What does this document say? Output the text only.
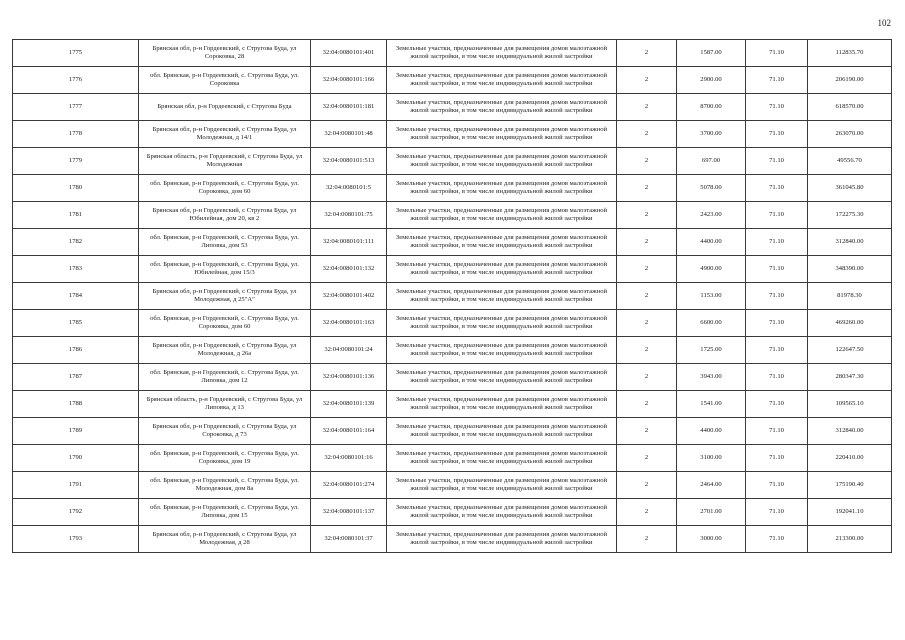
102
1775	Брянская обл, р-н Гордеевский, с Струговa Буда, ул Сороковка, 28	32:04:0080101:401	Земельные участки, предназначенные для размещения домов малоэтажной жилой застройки, в том числе индивидуальной жилой застройки	2	1587.00	71.10	112835.70
1776	обл. Брянская, р-н Гордеевский, с. Струговa Буда, ул. Сороковка	32:04:0080101:166	Земельные участки, предназначенные для размещения домов малоэтажной жилой застройки, в том числе индивидуальной жилой застройки	2	2900.00	71.10	206190.00
1777	Брянская обл, р-н Гордеевский, с Струговa Буда	32:04:0080101:181	Земельные участки, предназначенные для размещения домов малоэтажной жилой застройки, в том числе индивидуальной жилой застройки	2	8700.00	71.10	618570.00
1778	Брянская обл, р-н Гордеевский, с Струговa Буда, ул Молодежная, д 14/1	32:04:0080101:48	Земельные участки, предназначенные для размещения домов малоэтажной жилой застройки, в том числе индивидуальной жилой застройки	2	3700.00	71.10	263070.00
1779	Брянская область, р-н Гордеевский, с Струговa Буда, ул Молодежная	32:04:0080101:513	Земельные участки, предназначенные для размещения домов малоэтажной жилой застройки, в том числе индивидуальной жилой застройки	2	697.00	71.10	49556.70
1780	обл. Брянская, р-н Гордеевский, с. Струговa Буда, ул. Сороковка, дом 60	32:04:0080101:5	Земельные участки, предназначенные для размещения домов малоэтажной жилой застройки, в том числе индивидуальной жилой застройки	2	5078.00	71.10	361045.80
1781	Брянская обл, р-н Гордеевский, с Струговa Буда, ул Юбилейная, дом 20, кв 2	32:04:0080101:75	Земельные участки, предназначенные для размещения домов малоэтажной жилой застройки, в том числе индивидуальной жилой застройки	2	2423.00	71.10	172275.30
1782	обл. Брянская, р-н Гордеевский, с. Струговa Буда, ул. Липовка, дом 53	32:04:0080101:111	Земельные участки, предназначенные для размещения домов малоэтажной жилой застройки, в том числе индивидуальной жилой застройки	2	4400.00	71.10	312840.00
1783	обл. Брянская, р-н Гордеевский, с. Струговa Буда, ул. Юбилейная, дом 15/3	32:04:0080101:132	Земельные участки, предназначенные для размещения домов малоэтажной жилой застройки, в том числе индивидуальной жилой застройки	2	4900.00	71.10	348390.00
1784	Брянская обл, р-н Гордеевский, с Струговa Буда, ул Молодежная, д 25"А"	32:04:0080101:402	Земельные участки, предназначенные для размещения домов малоэтажной жилой застройки, в том числе индивидуальной жилой застройки	2	1153.00	71.10	81978.30
1785	обл. Брянская, р-н Гордеевский, с. Струговa Буда, ул. Сороковка, дом 60	32:04:0080101:163	Земельные участки, предназначенные для размещения домов малоэтажной жилой застройки, в том числе индивидуальной жилой застройки	2	6600.00	71.10	469260.00
1786	Брянская обл, р-н Гордеевский, с Струговa Буда, ул Молодежная, д 26а	32:04:0080101:24	Земельные участки, предназначенные для размещения домов малоэтажной жилой застройки, в том числе индивидуальной жилой застройки	2	1725.00	71.10	122647.50
1787	обл. Брянская, р-н Гордеевский, с. Струговa Буда, ул. Липовка, дом 12	32:04:0080101:136	Земельные участки, предназначенные для размещения домов малоэтажной жилой застройки, в том числе индивидуальной жилой застройки	2	3943.00	71.10	280347.30
1788	Брянская область, р-н Гордеевский, с Струговa Буда, ул Липовка, д 13	32:04:0080101:139	Земельные участки, предназначенные для размещения домов малоэтажной жилой застройки, в том числе индивидуальной жилой застройки	2	1541.00	71.10	109565.10
1789	Брянская обл, р-н Гордеевский, с Струговa Буда, ул Сороковка, д 73	32:04:0080101:164	Земельные участки, предназначенные для размещения домов малоэтажной жилой застройки, в том числе индивидуальной жилой застройки	2	4400.00	71.10	312840.00
1790	обл. Брянская, р-н Гордеевский, с. Струговa Буда, ул. Сороковка, дом 19	32:04:0080101:16	Земельные участки, предназначенные для размещения домов малоэтажной жилой застройки, в том числе индивидуальной жилой застройки	2	3100.00	71.10	220410.00
1791	обл. Брянская, р-н Гордеевский, с. Струговa Буда, ул. Молодежная, дом 8а	32:04:0080101:274	Земельные участки, предназначенные для размещения домов малоэтажной жилой застройки, в том числе индивидуальной жилой застройки	2	2464.00	71.10	175190.40
1792	обл. Брянская, р-н Гордеевский, с. Струговa Буда, ул. Липовка, дом 15	32:04:0080101:137	Земельные участки, предназначенные для размещения домов малоэтажной жилой застройки, в том числе индивидуальной жилой застройки	2	2701.00	71.10	192041.10
1793	Брянская обл, р-н Гордеевский, с Струговa Буда, ул Молодежная, д 28	32:04:0080101:37	Земельные участки, предназначенные для размещения домов малоэтажной жилой застройки, в том числе индивидуальной жилой застройки	2	3000.00	71.10	213300.00
